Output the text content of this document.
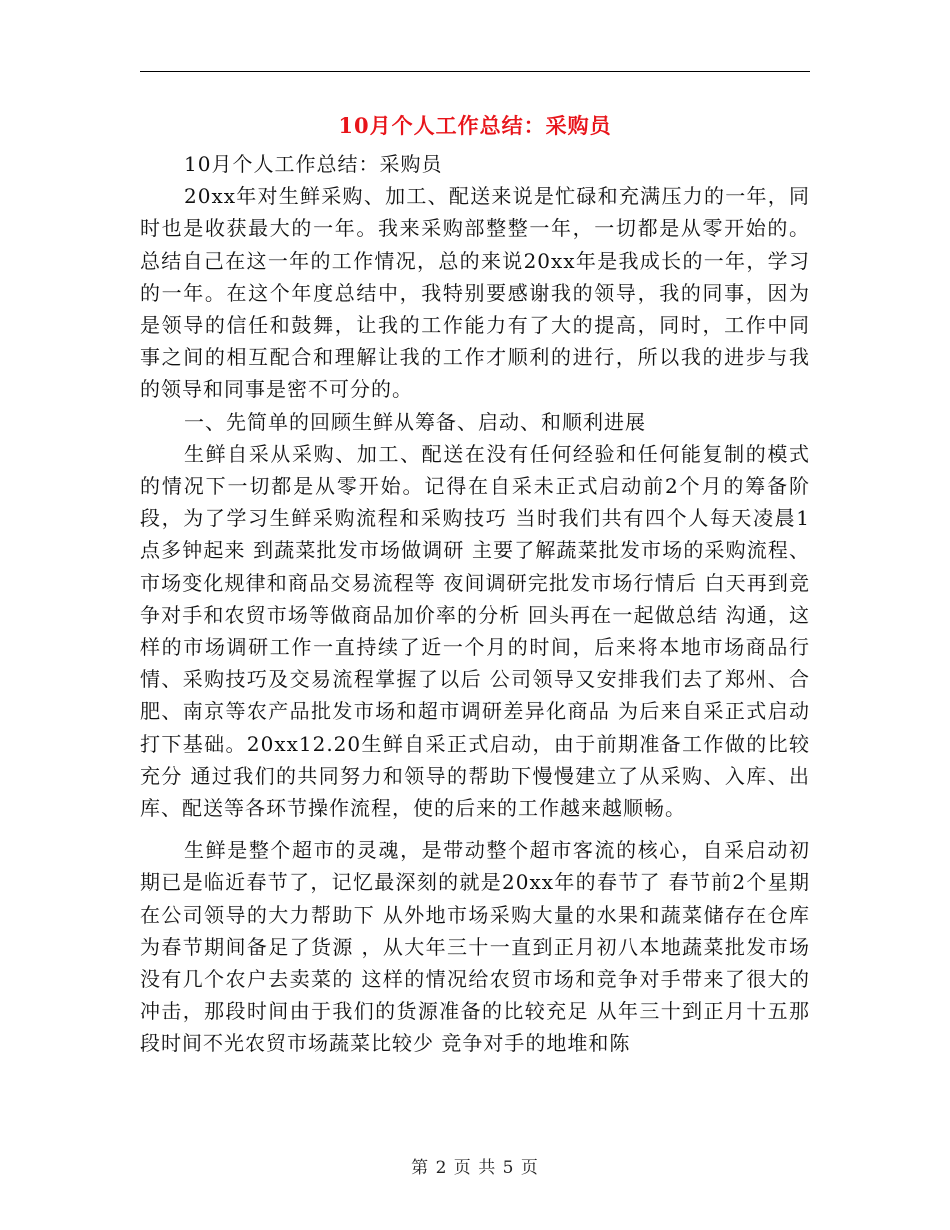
10月个人工作总结：采购员

10月个人工作总结：采购员

20xx年对生鲜采购、加工、配送来说是忙碌和充满压力的一年，同时也是收获最大的一年。我来采购部整整一年，一切都是从零开始的。总结自己在这一年的工作情况，总的来说20xx年是我成长的一年，学习的一年。在这个年度总结中，我特别要感谢我的领导，我的同事，因为是领导的信任和鼓舞，让我的工作能力有了大的提高，同时，工作中同事之间的相互配合和理解让我的工作才顺利的进行，所以我的进步与我的领导和同事是密不可分的。

一、先简单的回顾生鲜从筹备、启动、和顺利进展

生鲜自采从采购、加工、配送在没有任何经验和任何能复制的模式的情况下一切都是从零开始。记得在自采未正式启动前2个月的筹备阶段，为了学习生鲜采购流程和采购技巧 当时我们共有四个人每天凌晨1点多钟起来 到蔬菜批发市场做调研 主要了解蔬菜批发市场的采购流程、市场变化规律和商品交易流程等 夜间调研完批发市场行情后 白天再到竞争对手和农贸市场等做商品加价率的分析 回头再在一起做总结 沟通，这样的市场调研工作一直持续了近一个月的时间，后来将本地市场商品行情、采购技巧及交易流程掌握了以后 公司领导又安排我们去了郑州、合肥、南京等农产品批发市场和超市调研差异化商品 为后来自采正式启动打下基础。20xx12.20生鲜自采正式启动，由于前期准备工作做的比较充分 通过我们的共同努力和领导的帮助下慢慢建立了从采购、入库、出库、配送等各环节操作流程，使的后来的工作越来越顺畅。

生鲜是整个超市的灵魂，是带动整个超市客流的核心，自采启动初期已是临近春节了，记忆最深刻的就是20xx年的春节了 春节前2个星期在公司领导的大力帮助下 从外地市场采购大量的水果和蔬菜储存在仓库 为春节期间备足了货源 ，从大年三十一直到正月初八本地蔬菜批发市场没有几个农户去卖菜的 这样的情况给农贸市场和竞争对手带来了很大的冲击，那段时间由于我们的货源准备的比较充足 从年三十到正月十五那段时间不光农贸市场蔬菜比较少 竞争对手的地堆和陈

第 2 页 共 5 页
